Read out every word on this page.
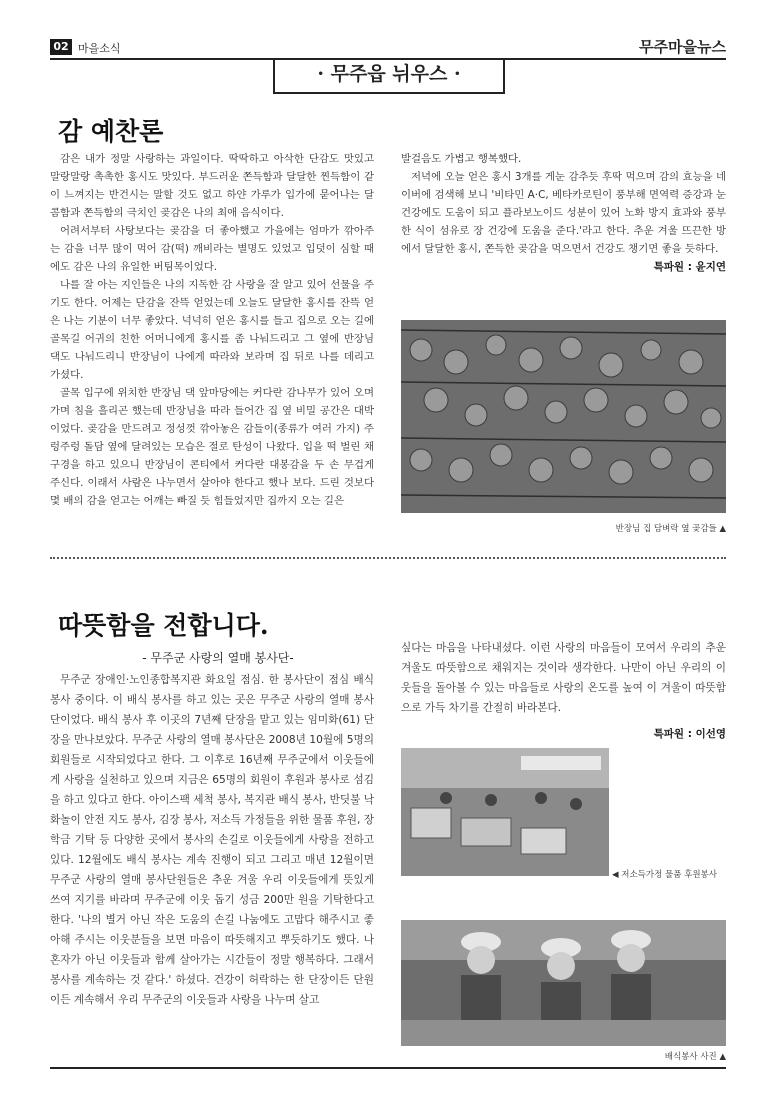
02 마을소식	무주마을뉴스
· 무주읍 뉘우스 ·
감 예찬론

감은 내가 정말 사랑하는 과일이다. 딱딱하고 아삭한 단감도 맛있고 말랑말랑 촉촉한 홍시도 맛있다. 부드러운 쫀득함과 달달한 찐득함이 같이 느껴지는 반건시는 말할 것도 없고 하얀 가루가 입가에 묻어나는 달콤함과 쫀득함의 극치인 곶감은 나의 최애 음식이다.

어려서부터 사탕보다는 곶감을 더 좋아했고 가을에는 엄마가 깎아주는 감을 너무 많이 먹어 감(떡) 깨비라는 별명도 있었고 입덧이 심할 때에도 감은 나의 유일한 버팀목이었다.

나를 잘 아는 지인들은 나의 지독한 감 사랑을 잘 알고 있어 선물을 주기도 한다. 어제는 단감을 잔뜩 얻었는데 오늘도 달달한 홍시를 잔뜩 얻은 나는 기분이 너무 좋았다. 넉넉히 얻은 홍시를 들고 집으로 오는 길에 골목길 어귀의 친한 어머니에게 홍시를 좀 나눠드리고 그 옆에 반장님 댁도 나눠드리니 반장님이 나에게 따라와 보라며 집 뒤로 나를 데리고 가셨다.

골목 입구에 위치한 반장님 댁 앞마당에는 커다란 감나무가 있어 오며 가며 침을 흘리곤 했는데 반장님을 따라 들어간 집 옆 비밀 공간은 대박이었다. 곶감을 만드려고 정성껏 깎아놓은 감들이(종류가 여러 가지) 주렁주렁 돌담 옆에 달려있는 모습은 절로 탄성이 나왔다. 입을 떡 벌린 채 구경을 하고 있으니 반장님이 콘티에서 커다란 대봉감을 두 손 무겁게 주신다. 이래서 사람은 나누면서 살아야 한다고 했나 보다. 드린 것보다 몇 배의 감을 얻고는 어깨는 빠질 듯 힘들었지만 집까지 오는 길은

발걸음도 가볍고 행복했다.

저녁에 오늘 얻은 홍시 3개를 게눈 감추듯 후딱 먹으며 감의 효능을 네이버에 검색해 보니 '비타민 A·C, 베타카로틴이 풍부해 면역력 증강과 눈 건강에도 도움이 되고 플라보노이드 성분이 있어 노화 방지 효과와 풍부한 식이 섬유로 장 건강에 도움을 준다.'라고 한다. 추운 겨울 뜨끈한 방에서 달달한 홍시, 쫀득한 곶감을 먹으면서 건강도 챙기면 좋을 듯하다.

특파원 : 윤지연
반장님 집 담벼락 옆 곶감들 ▲
따뜻함을 전합니다.
- 무주군 사랑의 열매 봉사단-

무주군 장애인·노인종합복지관 화요일 점심. 한 봉사단이 점심 배식 봉사 중이다. 이 배식 봉사를 하고 있는 곳은 무주군 사랑의 열매 봉사단이었다. 배식 봉사 후 이곳의 7년째 단장을 맡고 있는 임미화(61) 단장을 만나보았다. 무주군 사랑의 열매 봉사단은 2008년 10월에 5명의 회원들로 시작되었다고 한다. 그 이후로 16년째 무주군에서 이웃들에게 사랑을 실천하고 있으며 지금은 65명의 회원이 후원과 봉사로 섬김을 하고 있다고 한다. 아이스팩 세척 봉사, 복지관 배식 봉사, 반딧불 낙화놀이 안전 지도 봉사, 김장 봉사, 저소득 가정들을 위한 물품 후원, 장학금 기탁 등 다양한 곳에서 봉사의 손길로 이웃들에게 사랑을 전하고 있다. 12월에도 배식 봉사는 계속 진행이 되고 그리고 매년 12월이면 무주군 사랑의 열매 봉사단원들은 추운 겨울 우리 이웃들에게 뜻있게 쓰여 지기를 바라며 무주군에 이웃 돕기 성금 200만 원을 기탁한다고 한다. '나의 별거 아닌 작은 도움의 손길 나눔에도 고맙다 해주시고 좋아해 주시는 이웃분들을 보면 마음이 따뜻해지고 뿌듯하기도 했다. 나 혼자가 아닌 이웃들과 함께 살아가는 시간들이 정말 행복하다. 그래서 봉사를 계속하는 것 같다.' 하셨다. 건강이 허락하는 한 단장이든 단원이든 계속해서 우리 무주군의 이웃들과 사랑을 나누며 살고

싶다는 마음을 나타내셨다. 이런 사랑의 마음들이 모여서 우리의 추운 겨울도 따뜻함으로 채워지는 것이라 생각한다. 나만이 아닌 우리의 이웃들을 돌아볼 수 있는 마음들로 사랑의 온도를 높여 이 겨울이 따뜻함으로 가득 차기를 간절히 바라본다.

특파원 : 이선영
◀ 저소득가정 물품 후원봉사
배식봉사 사진 ▲
